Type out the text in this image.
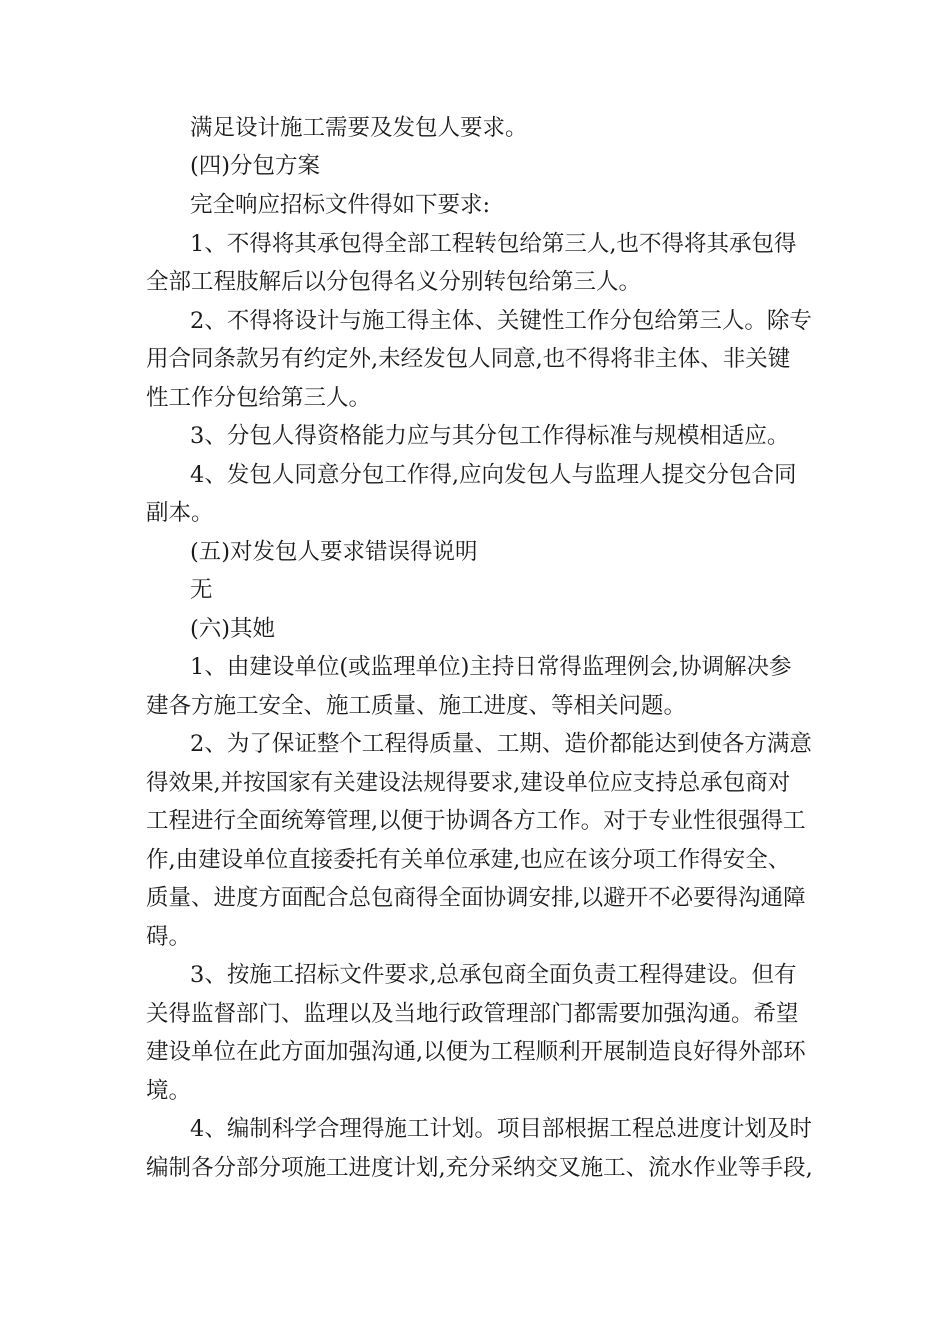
满足设计施工需要及发包人要求。
(四)分包方案
完全响应招标文件得如下要求:
1、不得将其承包得全部工程转包给第三人,也不得将其承包得
全部工程肢解后以分包得名义分别转包给第三人。
2、不得将设计与施工得主体、关键性工作分包给第三人。除专
用合同条款另有约定外,未经发包人同意,也不得将非主体、非关键
性工作分包给第三人。
3、分包人得资格能力应与其分包工作得标准与规模相适应。
4、发包人同意分包工作得,应向发包人与监理人提交分包合同
副本。
(五)对发包人要求错误得说明
无
(六)其她
1、由建设单位(或监理单位)主持日常得监理例会,协调解决参
建各方施工安全、施工质量、施工进度、等相关问题。
2、为了保证整个工程得质量、工期、造价都能达到使各方满意
得效果,并按国家有关建设法规得要求,建设单位应支持总承包商对
工程进行全面统筹管理,以便于协调各方工作。对于专业性很强得工
作,由建设单位直接委托有关单位承建,也应在该分项工作得安全、
质量、进度方面配合总包商得全面协调安排,以避开不必要得沟通障
碍。
3、按施工招标文件要求,总承包商全面负责工程得建设。但有
关得监督部门、监理以及当地行政管理部门都需要加强沟通。希望
建设单位在此方面加强沟通,以便为工程顺利开展制造良好得外部环
境。
4、编制科学合理得施工计划。项目部根据工程总进度计划及时
编制各分部分项施工进度计划,充分采纳交叉施工、流水作业等手段,
